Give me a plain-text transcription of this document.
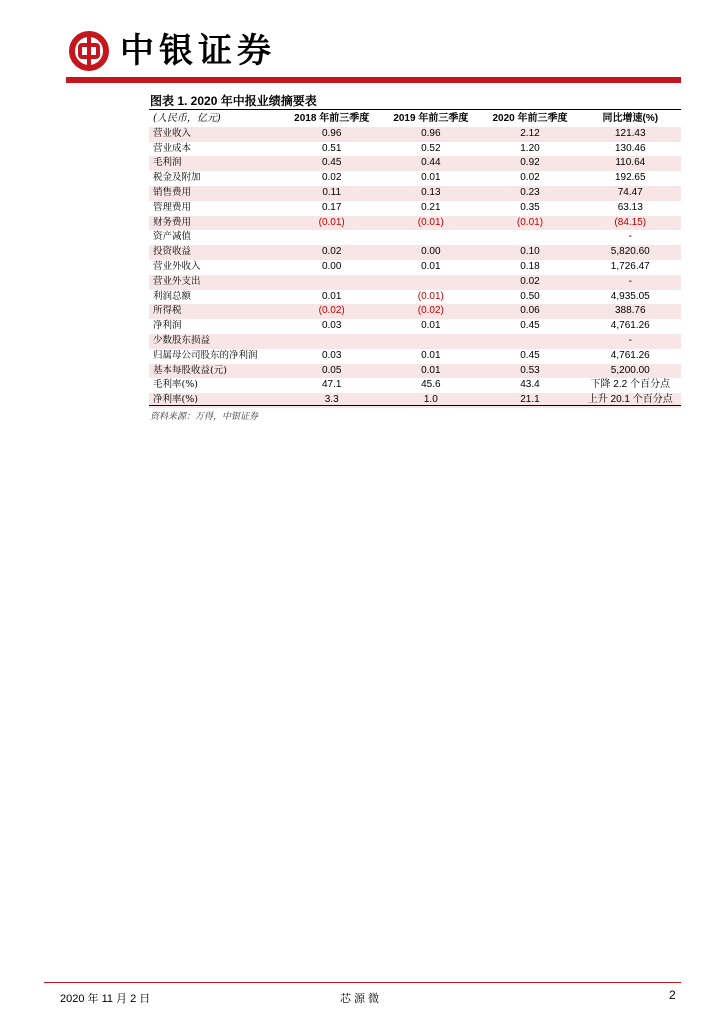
中银证券
图表 1. 2020 年中报业绩摘要表
(人民币，亿元)	2018 年前三季度	2019 年前三季度	2020 年前三季度	同比增速(%)
营业收入	0.96	0.96	2.12	121.43
营业成本	0.51	0.52	1.20	130.46
毛利润	0.45	0.44	0.92	110.64
税金及附加	0.02	0.01	0.02	192.65
销售费用	0.11	0.13	0.23	74.47
管理费用	0.17	0.21	0.35	63.13
财务费用	(0.01)	(0.01)	(0.01)	(84.15)
资产减值				-
投资收益	0.02	0.00	0.10	5,820.60
营业外收入	0.00	0.01	0.18	1,726.47
营业外支出			0.02	-
利润总额	0.01	(0.01)	0.50	4,935.05
所得税	(0.02)	(0.02)	0.06	388.76
净利润	0.03	0.01	0.45	4,761.26
少数股东损益				-
归属母公司股东的净利润	0.03	0.01	0.45	4,761.26
基本每股收益(元)	0.05	0.01	0.53	5,200.00
毛利率(%)	47.1	45.6	43.4	下降 2.2 个百分点
净利率(%)	3.3	1.0	21.1	上升 20.1 个百分点
资料来源：万得，中银证券
2020 年 11 月 2 日	芯源微	2
